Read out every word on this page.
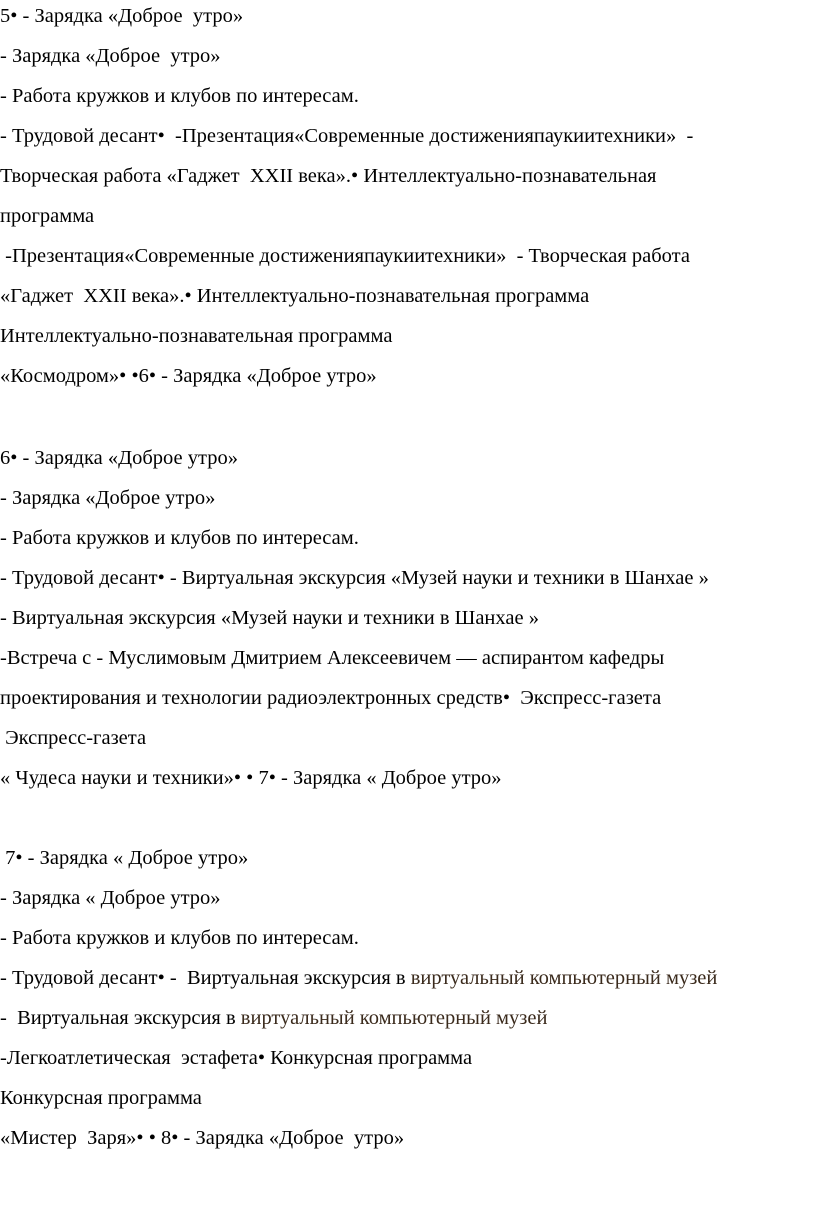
5• - Зарядка «Доброе  утро»
- Зарядка «Доброе  утро»
- Работа кружков и клубов по интересам.
- Трудовой десант•  -Презентация«Современные достиженияпаукиитехники»  -
Творческая работа «Гаджет  XXII века».• Интеллектуально-познавательная
программа
-Презентация«Современные достиженияпаукиитехники»  - Творческая работа
«Гаджет  XXII века».• Интеллектуально-познавательная программа
Интеллектуально-познавательная программа
«Космодром»• •6• - Зарядка «Доброе утро»
6• - Зарядка «Доброе утро»
- Зарядка «Доброе утро»
- Работа кружков и клубов по интересам.
- Трудовой десант• - Виртуальная экскурсия «Музей науки и техники в Шанхае »
- Виртуальная экскурсия «Музей науки и техники в Шанхае »
-Встреча с - Муслимовым Дмитрием Алексеевичем — аспирантом кафедры
проектирования и технологии радиоэлектронных средств•  Экспресс-газета
Экспресс-газета
« Чудеса науки и техники»• • 7• - Зарядка « Доброе утро»
7• - Зарядка « Доброе утро»
- Зарядка « Доброе утро»
- Работа кружков и клубов по интересам.
- Трудовой десант• -  Виртуальная экскурсия в виртуальный компьютерный музей
-  Виртуальная экскурсия в виртуальный компьютерный музей
-Легкоатлетическая  эстафета• Конкурсная программа
Конкурсная программа
«Мистер  Заря»• • 8• - Зарядка «Доброе  утро»
